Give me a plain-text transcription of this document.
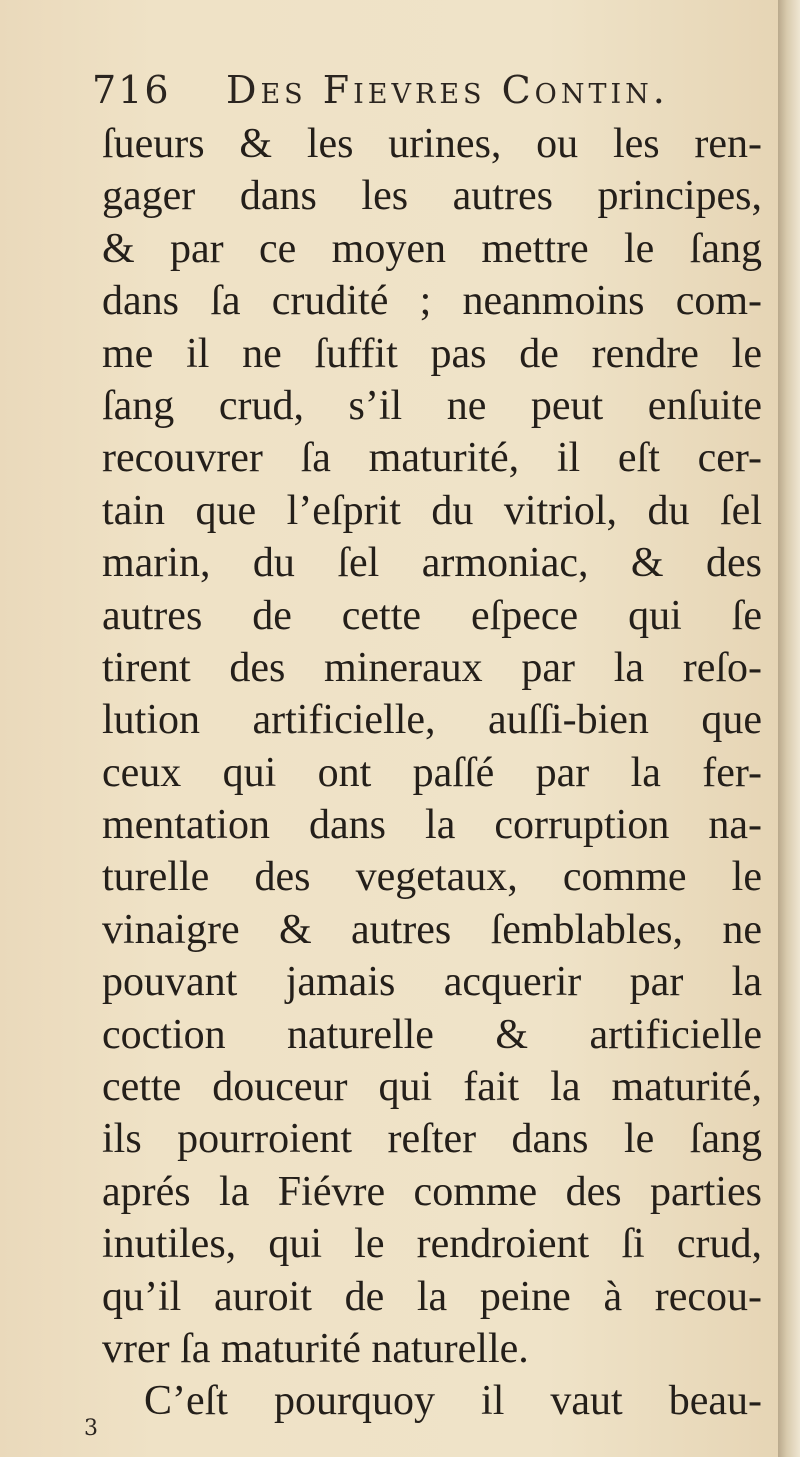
716 Des Fievres Contin.
ſueurs & les urines, ou les ren-
gager dans les autres principes,
& par ce moyen mettre le ſang
dans ſa crudité ; neanmoins com-
me il ne ſuffit pas de rendre le
ſang crud, s’il ne peut enſuite
recouvrer ſa maturité, il eſt cer-
tain que l’eſprit du vitriol, du ſel
marin, du ſel armoniac, & des
autres de cette eſpece qui ſe
tirent des mineraux par la reſo-
lution artificielle, auſſi-bien que
ceux qui ont paſſé par la fer-
mentation dans la corruption na-
turelle des vegetaux, comme le
vinaigre & autres ſemblables, ne
pouvant jamais acquerir par la
coction naturelle & artificielle
cette douceur qui fait la maturité,
ils pourroient reſter dans le ſang
aprés la Fiévre comme des parties
inutiles, qui le rendroient ſi crud,
qu’il auroit de la peine à recou-
vrer ſa maturité naturelle.
C’eſt pourquoy il vaut beau-
3
